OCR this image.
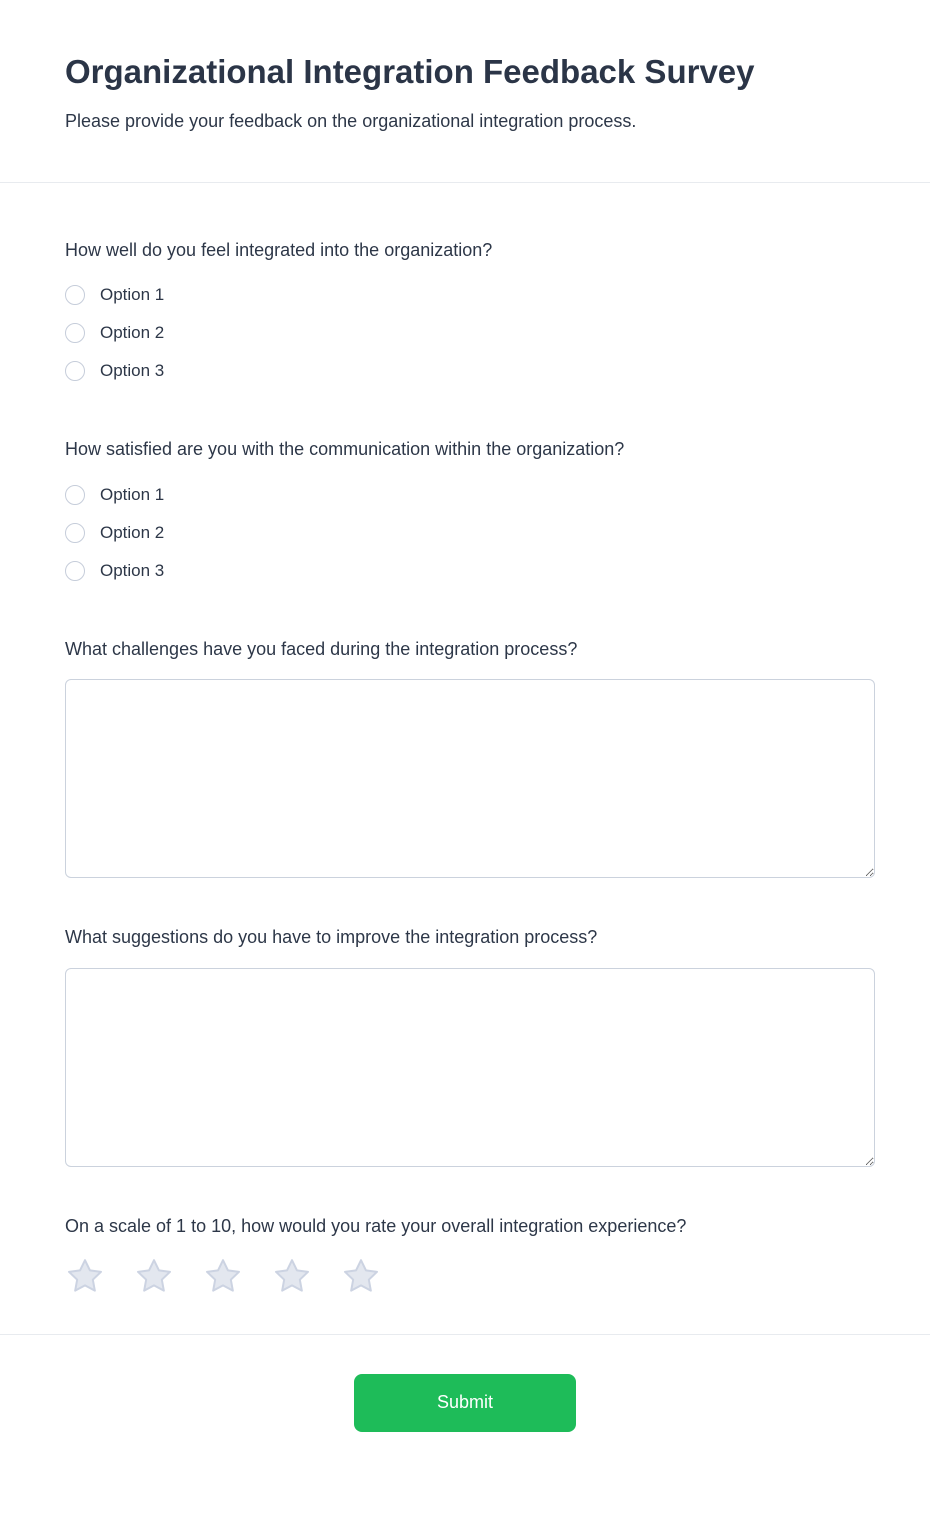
Organizational Integration Feedback Survey

Please provide your feedback on the organizational integration process.

How well do you feel integrated into the organization?
Option 1
Option 2
Option 3
How satisfied are you with the communication within the organization?
Option 1
Option 2
Option 3
What challenges have you faced during the integration process?
What suggestions do you have to improve the integration process?
On a scale of 1 to 10, how would you rate your overall integration experience?
Submit
